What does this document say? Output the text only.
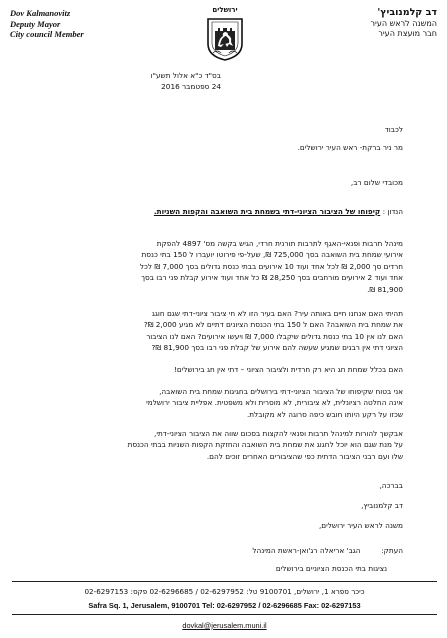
Dov Kalmanovitz
Deputy Mayor
City council Member
ירושלים	דב קלמנוביץ'
המשנה לראש העיר
חבר מועצת העיר
בס"ד כ"א אלול תשע"ו
24 ספטמבר 2016
לכבוד
מר ניר ברקת- ראש העיר ירושלים.
מכובדי שלום רב,
הנדון : קיפוחו של הציבור הציוני-דתי בשמחת בית השואבה והקפות השניות.

מינהל תרבות ופנאי-האגף לתרבות תורנית חרדי, הגיש בקשה מס' 4897 להפקת

אירועי שמחת בית השואבה בסך 725,000 ₪, שעל-פי פירוטו יועברו ל 150 בתי כנסת

חרדים סך 2,000 ₪ לכל אחד ועוד 10 אירועים בבתי כנסת גדולים בסך 7,000 ₪ לכל

אחד ועוד 2 אירועים מורחבים בסך 28,250 ₪ כל אחד ועוד אירוע קבלת פני רבו בסך

81,900 ₪.

תהיתי האם אנחנו חיים באותה עיר? האם בעיר הזו לא חי ציבור ציוני-דתי שגם חוגג

את שמחת בית השואבה? האם ל 150 בתי הכנסת הציונים דתיים לא מגיע 2,000 ₪?

האם לנו אין 10 בתי כנסת גדולים שיקבלו 7,000 ₪ ויעשו אירועים? האם לנו הציבור

הציוני דתי אין רבנים שמגיע שעשה להם אירוע של קבלת פני רבו בסך 81,900 ₪?

האם בכלל שמחת חג היא רק חרדית ולציבור הציוני – דתי אין חג בירושלים!

אני בטוח שקיפוחו של הציבור הציוני-דתי בירושלים בחגיגות שמחת בית השואבה,

אינה החלטה רציונלית, לא ציבורית, לא מוסרית ולא משפטית. אפליית ציבור ירושלמי

שכזו על רקע היותו חובש כיפה סרוגה לא מקובלת.

אבקשך להורות למינהל תרבות ופנאי להקצות בסכום שווה את הציבור הציוני-דתי,

על מנת שגם הוא יוכל לחגוג את שמחת בית השואבה והחזקת הקפות השניות בבתי הכנסת

שלו ועם רבני הציבור הדתית כפי שהציבורים האחרים זוכים להם.

בברכה,
דב קלמנוביץ,
משנה לראש העיר ירושלים,
העתק:  הגב' אריאלה רג'ואן-ראשת המינהל
נציגות בתי הכנסת הציוניים בירושלים
כיכר ספרא 1, ירושלים, 9100701 טל: 02-6297952 / 02-6296685 פקס: 02-6297153
Safra Sq. 1, Jerusalem, 9100701 Tel: 02-6297952 / 02-6296685 Fax: 02-6297153
dovkal@jerusalem.muni.il
